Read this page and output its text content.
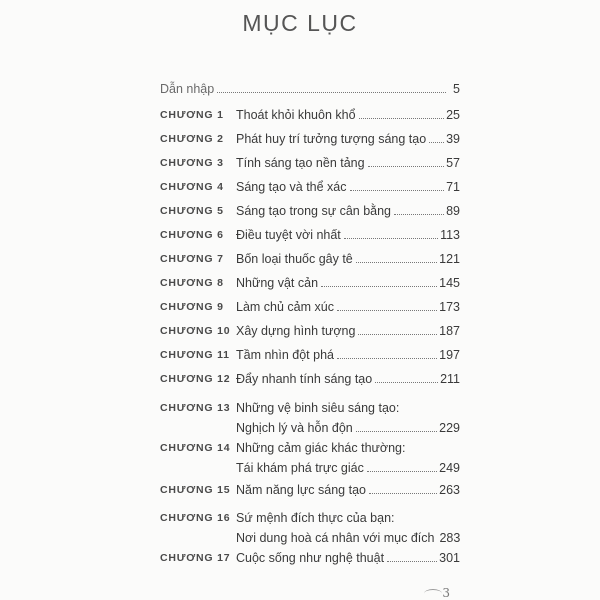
MỤC LỤC
Dẫn nhập	5
CHƯƠNG 1 Thoát khỏi khuôn khổ	25
CHƯƠNG 2 Phát huy trí tưởng tượng sáng tạo 39
CHƯƠNG 3 Tính sáng tạo nền tảng	57
CHƯƠNG 4 Sáng tạo và thể xác	71
CHƯƠNG 5 Sáng tạo trong sự cân bằng	89
CHƯƠNG 6 Điều tuyệt vời nhất	113
CHƯƠNG 7 Bốn loại thuốc gây tê	121
CHƯƠNG 8 Những vật cản	145
CHƯƠNG 9 Làm chủ cảm xúc	173
CHƯƠNG 10 Xây dựng hình tượng	187
CHƯƠNG 11 Tầm nhìn đột phá	197
CHƯƠNG 12 Đẩy nhanh tính sáng tạo	211
CHƯƠNG 13 Những vệ binh siêu sáng tạo:
Nghịch lý và hỗn độn	229
CHƯƠNG 14 Những cảm giác khác thường:
Tái khám phá trực giác	249
CHƯƠNG 15 Năm năng lực sáng tạo	263
CHƯƠNG 16 Sứ mệnh đích thực của bạn:
Nơi dung hoà cá nhân với mục đích 283
CHƯƠNG 17 Cuộc sống như nghệ thuật	301
3
